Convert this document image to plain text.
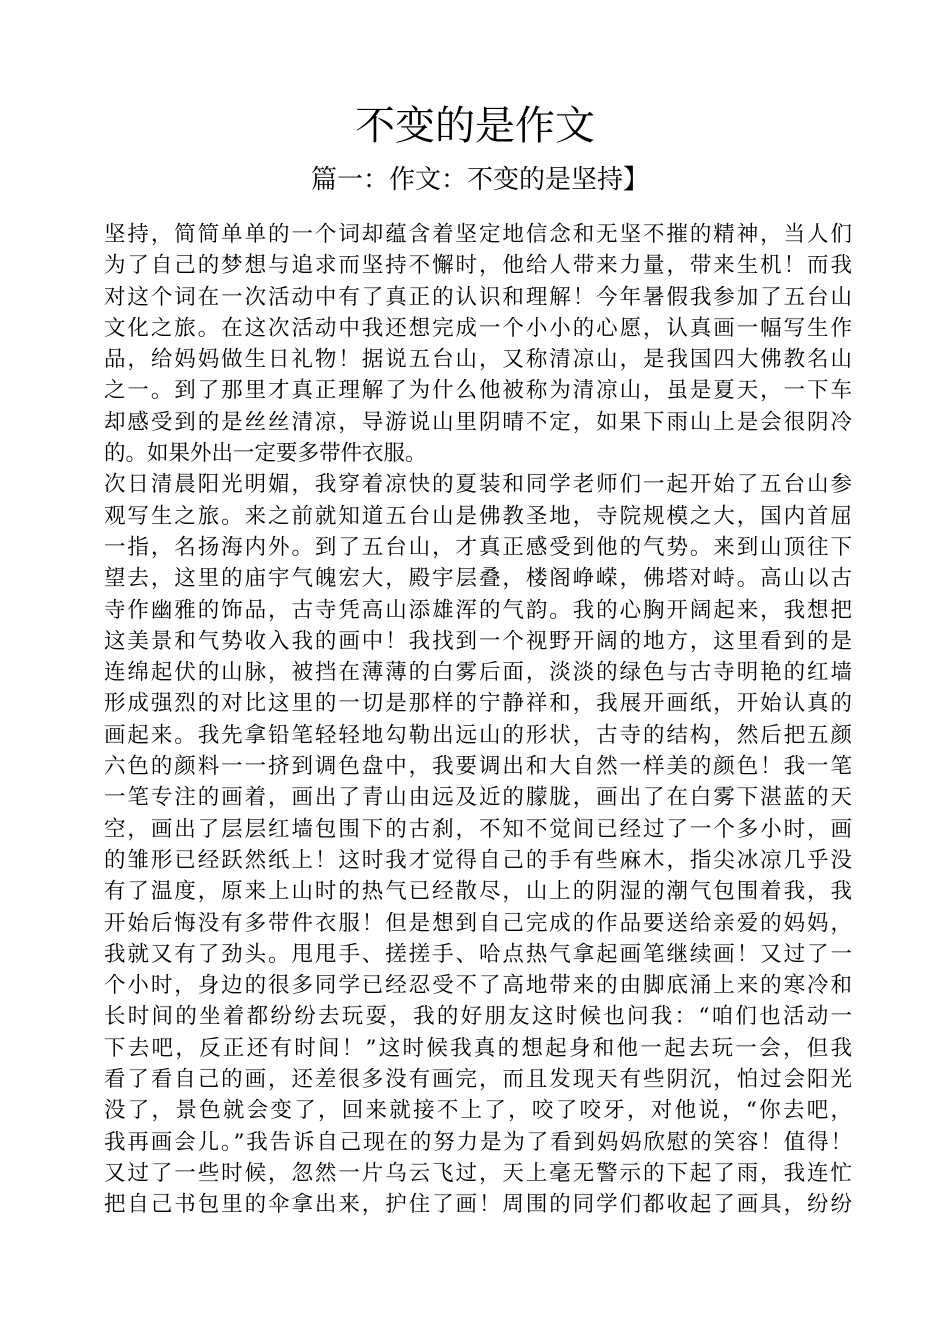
不变的是作文
篇一：作文：不变的是坚持】
坚持，简简单单的一个词却蕴含着坚定地信念和无坚不摧的精神，当人们
为了自己的梦想与追求而坚持不懈时，他给人带来力量，带来生机！而我
对这个词在一次活动中有了真正的认识和理解！今年暑假我参加了五台山
文化之旅。在这次活动中我还想完成一个小小的心愿，认真画一幅写生作
品，给妈妈做生日礼物！据说五台山，又称清凉山，是我国四大佛教名山
之一。到了那里才真正理解了为什么他被称为清凉山，虽是夏天，一下车
却感受到的是丝丝清凉，导游说山里阴晴不定，如果下雨山上是会很阴冷
的。如果外出一定要多带件衣服。
次日清晨阳光明媚，我穿着凉快的夏装和同学老师们一起开始了五台山参
观写生之旅。来之前就知道五台山是佛教圣地，寺院规模之大，国内首屈
一指，名扬海内外。到了五台山，才真正感受到他的气势。来到山顶往下
望去，这里的庙宇气魄宏大，殿宇层叠，楼阁峥嵘，佛塔对峙。高山以古
寺作幽雅的饰品，古寺凭高山添雄浑的气韵。我的心胸开阔起来，我想把
这美景和气势收入我的画中！我找到一个视野开阔的地方，这里看到的是
连绵起伏的山脉，被挡在薄薄的白雾后面，淡淡的绿色与古寺明艳的红墙
形成强烈的对比这里的一切是那样的宁静祥和，我展开画纸，开始认真的
画起来。我先拿铅笔轻轻地勾勒出远山的形状，古寺的结构，然后把五颜
六色的颜料一一挤到调色盘中，我要调出和大自然一样美的颜色！我一笔
一笔专注的画着，画出了青山由远及近的朦胧，画出了在白雾下湛蓝的天
空，画出了层层红墙包围下的古刹，不知不觉间已经过了一个多小时，画
的雏形已经跃然纸上！这时我才觉得自己的手有些麻木，指尖冰凉几乎没
有了温度，原来上山时的热气已经散尽，山上的阴湿的潮气包围着我，我
开始后悔没有多带件衣服！但是想到自己完成的作品要送给亲爱的妈妈，
我就又有了劲头。甩甩手、搓搓手、哈点热气拿起画笔继续画！又过了一
个小时，身边的很多同学已经忍受不了高地带来的由脚底涌上来的寒冷和
长时间的坐着都纷纷去玩耍，我的好朋友这时候也问我：“咱们也活动一
下去吧，反正还有时间！”这时候我真的想起身和他一起去玩一会，但我
看了看自己的画，还差很多没有画完，而且发现天有些阴沉，怕过会阳光
没了，景色就会变了，回来就接不上了，咬了咬牙，对他说，“你去吧，
我再画会儿。”我告诉自己现在的努力是为了看到妈妈欣慰的笑容！值得！
又过了一些时候，忽然一片乌云飞过，天上毫无警示的下起了雨，我连忙
把自己书包里的伞拿出来，护住了画！周围的同学们都收起了画具，纷纷
